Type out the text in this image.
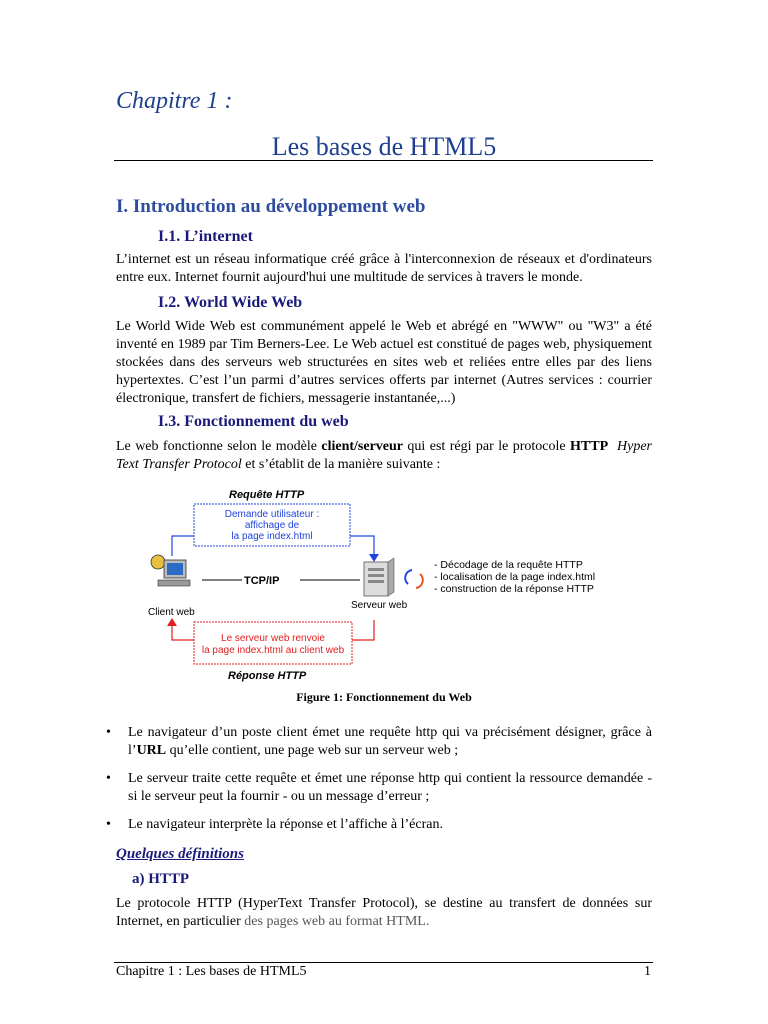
Chapitre 1 :
Les bases de HTML5
I. Introduction au développement web
I.1. L’internet

L’internet est un réseau informatique créé grâce à l'interconnexion de réseaux et d'ordinateurs entre eux. Internet fournit aujourd'hui une multitude de services à travers le monde.

I.2. World Wide Web

Le World Wide Web est communément appelé le Web et abrégé en "WWW" ou "W3" a été inventé en 1989 par Tim Berners-Lee. Le Web actuel est constitué de pages web, physiquement stockées dans des serveurs web structurées en sites web et reliées entre elles par des liens hypertextes. C’est l’un parmi d’autres services offerts par internet (Autres services : courrier électronique, transfert de fichiers, messagerie instantanée,...)

I.3. Fonctionnement du web

Le web fonctionne selon le modèle client/serveur qui est régi par le protocole HTTP Hyper Text Transfer Protocol et s’établit de la manière suivante :

Requête HTTP
Demande utilisateur :
affichage de
la page index.html
Client web
TCP/IP
Serveur web
- Décodage de la requête HTTP
- localisation de la page index.html
- construction de la réponse HTTP
Le serveur web renvoie
la page index.html au client web
Réponse HTTP
Figure 1: Fonctionnement du Web
• Le navigateur d’un poste client émet une requête http qui va précisément désigner, grâce à l’URL qu’elle contient, une page web sur un serveur web ;
• Le serveur traite cette requête et émet une réponse http qui contient la ressource demandée - si le serveur peut la fournir - ou un message d’erreur ;
• Le navigateur interprète la réponse et l’affiche à l’écran.
Quelques définitions
a) HTTP

Le protocole HTTP (HyperText Transfer Protocol), se destine au transfert de données sur Internet, en particulier des pages web au format HTML.

Chapitre 1 : Les bases de HTML5	1
